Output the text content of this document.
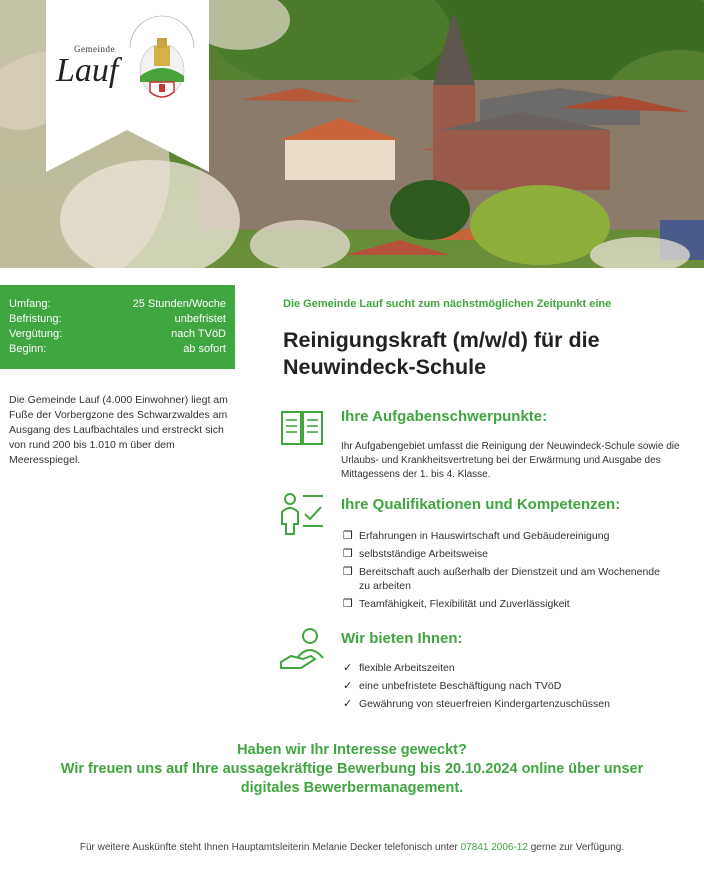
Gemeinde
Lauf
Umfang:	25 Stunden/Woche
Befristung:	unbefristet
Vergütung:	nach TVöD
Beginn:	ab sofort

Die Gemeinde Lauf (4.000 Einwohner) liegt am Fuße der Vorbergzone des Schwarzwaldes am Ausgang des Laufbachtales und erstreckt sich von rund 200 bis 1.010 m über dem Meeresspiegel.

Die Gemeinde Lauf sucht zum nächstmöglichen Zeitpunkt eine
Reinigungskraft (m/w/d) für die
Neuwindeck-Schule
Ihre Aufgabenschwerpunkte:

Ihr Aufgabengebiet umfasst die Reinigung der Neuwindeck-Schule sowie die Urlaubs- und Krankheitsvertretung bei der Erwärmung und Ausgabe des Mittagessens der 1. bis 4. Klasse.

Ihre Qualifikationen und Kompetenzen:
❒ Erfahrungen in Hauswirtschaft und Gebäudereinigung
❒ selbstständige Arbeitsweise
❒ Bereitschaft auch außerhalb der Dienstzeit und am Wochenende zu arbeiten
❒ Teamfähigkeit, Flexibilität und Zuverlässigkeit
Wir bieten Ihnen:
✓ flexible Arbeitszeiten
✓ eine unbefristete Beschäftigung nach TVöD
✓ Gewährung von steuerfreien Kindergartenzuschüssen
Haben wir Ihr Interesse geweckt?
Wir freuen uns auf Ihre aussagekräftige Bewerbung bis 20.10.2024 online über unser
digitales Bewerbermanagement.
Für weitere Auskünfte steht Ihnen Hauptamtsleiterin Melanie Decker telefonisch unter 07841 2006-12 gerne zur Verfügung.
